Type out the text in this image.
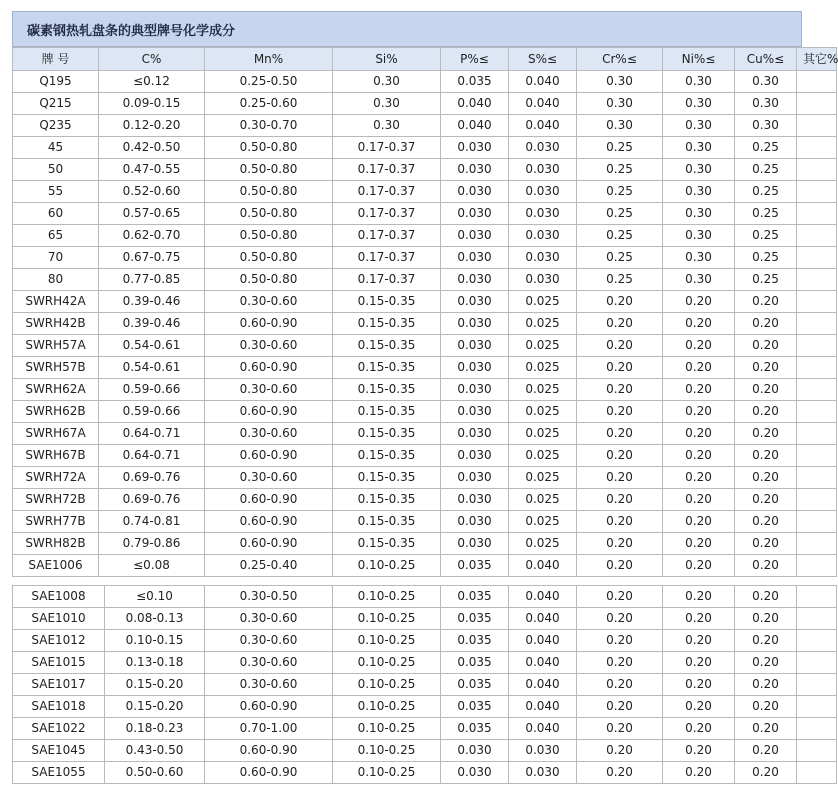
碳素钢热轧盘条的典型牌号化学成分
牌 号	C%	Mn%	Si%	P%≤	S%≤	Cr%≤	Ni%≤	Cu%≤	其它%
Q195	≤0.12	0.25-0.50	0.30	0.035	0.040	0.30	0.30	0.30	
Q215	0.09-0.15	0.25-0.60	0.30	0.040	0.040	0.30	0.30	0.30	
Q235	0.12-0.20	0.30-0.70	0.30	0.040	0.040	0.30	0.30	0.30	
45	0.42-0.50	0.50-0.80	0.17-0.37	0.030	0.030	0.25	0.30	0.25	
50	0.47-0.55	0.50-0.80	0.17-0.37	0.030	0.030	0.25	0.30	0.25	
55	0.52-0.60	0.50-0.80	0.17-0.37	0.030	0.030	0.25	0.30	0.25	
60	0.57-0.65	0.50-0.80	0.17-0.37	0.030	0.030	0.25	0.30	0.25	
65	0.62-0.70	0.50-0.80	0.17-0.37	0.030	0.030	0.25	0.30	0.25	
70	0.67-0.75	0.50-0.80	0.17-0.37	0.030	0.030	0.25	0.30	0.25	
80	0.77-0.85	0.50-0.80	0.17-0.37	0.030	0.030	0.25	0.30	0.25	
SWRH42A	0.39-0.46	0.30-0.60	0.15-0.35	0.030	0.025	0.20	0.20	0.20	
SWRH42B	0.39-0.46	0.60-0.90	0.15-0.35	0.030	0.025	0.20	0.20	0.20	
SWRH57A	0.54-0.61	0.30-0.60	0.15-0.35	0.030	0.025	0.20	0.20	0.20	
SWRH57B	0.54-0.61	0.60-0.90	0.15-0.35	0.030	0.025	0.20	0.20	0.20	
SWRH62A	0.59-0.66	0.30-0.60	0.15-0.35	0.030	0.025	0.20	0.20	0.20	
SWRH62B	0.59-0.66	0.60-0.90	0.15-0.35	0.030	0.025	0.20	0.20	0.20	
SWRH67A	0.64-0.71	0.30-0.60	0.15-0.35	0.030	0.025	0.20	0.20	0.20	
SWRH67B	0.64-0.71	0.60-0.90	0.15-0.35	0.030	0.025	0.20	0.20	0.20	
SWRH72A	0.69-0.76	0.30-0.60	0.15-0.35	0.030	0.025	0.20	0.20	0.20	
SWRH72B	0.69-0.76	0.60-0.90	0.15-0.35	0.030	0.025	0.20	0.20	0.20	
SWRH77B	0.74-0.81	0.60-0.90	0.15-0.35	0.030	0.025	0.20	0.20	0.20	
SWRH82B	0.79-0.86	0.60-0.90	0.15-0.35	0.030	0.025	0.20	0.20	0.20	
SAE1006	≤0.08	0.25-0.40	0.10-0.25	0.035	0.040	0.20	0.20	0.20	
SAE1008	≤0.10	0.30-0.50	0.10-0.25	0.035	0.040	0.20	0.20	0.20	
SAE1010	0.08-0.13	0.30-0.60	0.10-0.25	0.035	0.040	0.20	0.20	0.20	
SAE1012	0.10-0.15	0.30-0.60	0.10-0.25	0.035	0.040	0.20	0.20	0.20	
SAE1015	0.13-0.18	0.30-0.60	0.10-0.25	0.035	0.040	0.20	0.20	0.20	
SAE1017	0.15-0.20	0.30-0.60	0.10-0.25	0.035	0.040	0.20	0.20	0.20	
SAE1018	0.15-0.20	0.60-0.90	0.10-0.25	0.035	0.040	0.20	0.20	0.20	
SAE1022	0.18-0.23	0.70-1.00	0.10-0.25	0.035	0.040	0.20	0.20	0.20	
SAE1045	0.43-0.50	0.60-0.90	0.10-0.25	0.030	0.030	0.20	0.20	0.20	
SAE1055	0.50-0.60	0.60-0.90	0.10-0.25	0.030	0.030	0.20	0.20	0.20	
